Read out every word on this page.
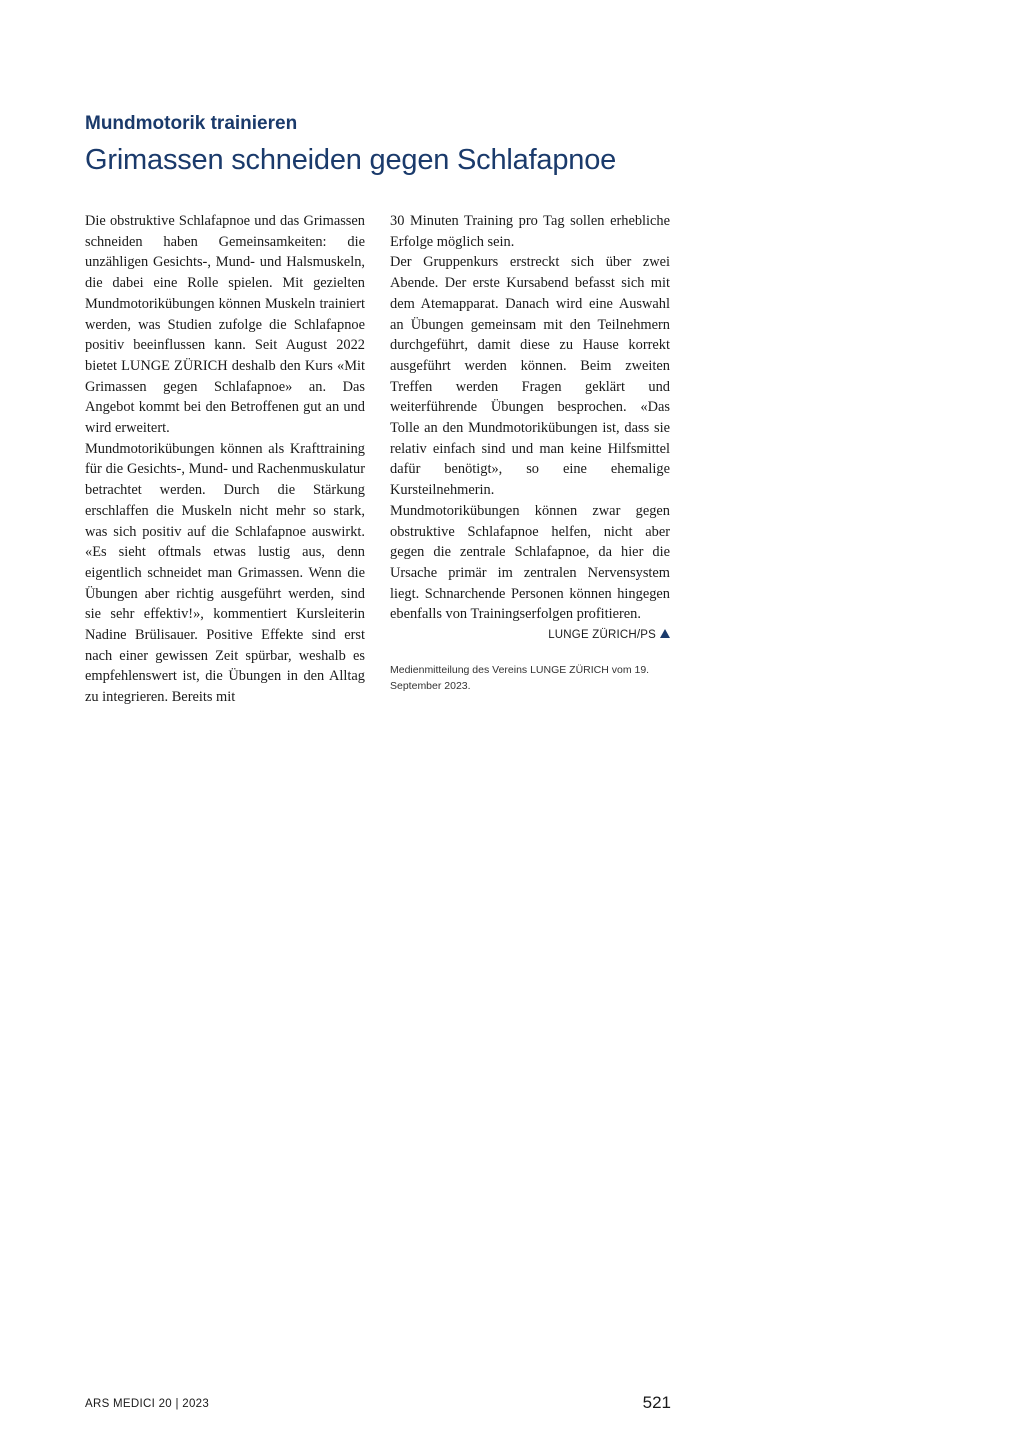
Mundmotorik trainieren
Grimassen schneiden gegen Schlafapnoe

Die obstruktive Schlafapnoe und das Grimassen schneiden haben Gemeinsamkeiten: die unzähligen Gesichts-, Mund- und Halsmuskeln, die dabei eine Rolle spielen. Mit gezielten Mundmotorikübungen können Muskeln trainiert werden, was Studien zufolge die Schlafapnoe positiv beeinflussen kann. Seit August 2022 bietet LUNGE ZÜRICH deshalb den Kurs «Mit Grimassen gegen Schlafapnoe» an. Das Angebot kommt bei den Betroffenen gut an und wird erweitert.

Mundmotorikübungen können als Krafttraining für die Gesichts-, Mund- und Rachenmuskulatur betrachtet werden. Durch die Stärkung erschlaffen die Muskeln nicht mehr so stark, was sich positiv auf die Schlafapnoe auswirkt. «Es sieht oftmals etwas lustig aus, denn eigentlich schneidet man Grimassen. Wenn die Übungen aber richtig ausgeführt werden, sind sie sehr effektiv!», kommentiert Kursleiterin Nadine Brülisauer. Positive Effekte sind erst nach einer gewissen Zeit spürbar, weshalb es empfehlenswert ist, die Übungen in den Alltag zu integrieren. Bereits mit

30 Minuten Training pro Tag sollen erhebliche Erfolge möglich sein.

Der Gruppenkurs erstreckt sich über zwei Abende. Der erste Kursabend befasst sich mit dem Atemapparat. Danach wird eine Auswahl an Übungen gemeinsam mit den Teilnehmern durchgeführt, damit diese zu Hause korrekt ausgeführt werden können. Beim zweiten Treffen werden Fragen geklärt und weiterführende Übungen besprochen. «Das Tolle an den Mundmotorikübungen ist, dass sie relativ einfach sind und man keine Hilfsmittel dafür benötigt», so eine ehemalige Kursteilnehmerin.

Mundmotorikübungen können zwar gegen obstruktive Schlafapnoe helfen, nicht aber gegen die zentrale Schlafapnoe, da hier die Ursache primär im zentralen Nervensystem liegt. Schnarchende Personen können hingegen ebenfalls von Trainingserfolgen profitieren.
LUNGE ZÜRICH/PS

Medienmitteilung des Vereins LUNGE ZÜRICH vom 19. September 2023.
ARS MEDICI 20 | 2023	521
